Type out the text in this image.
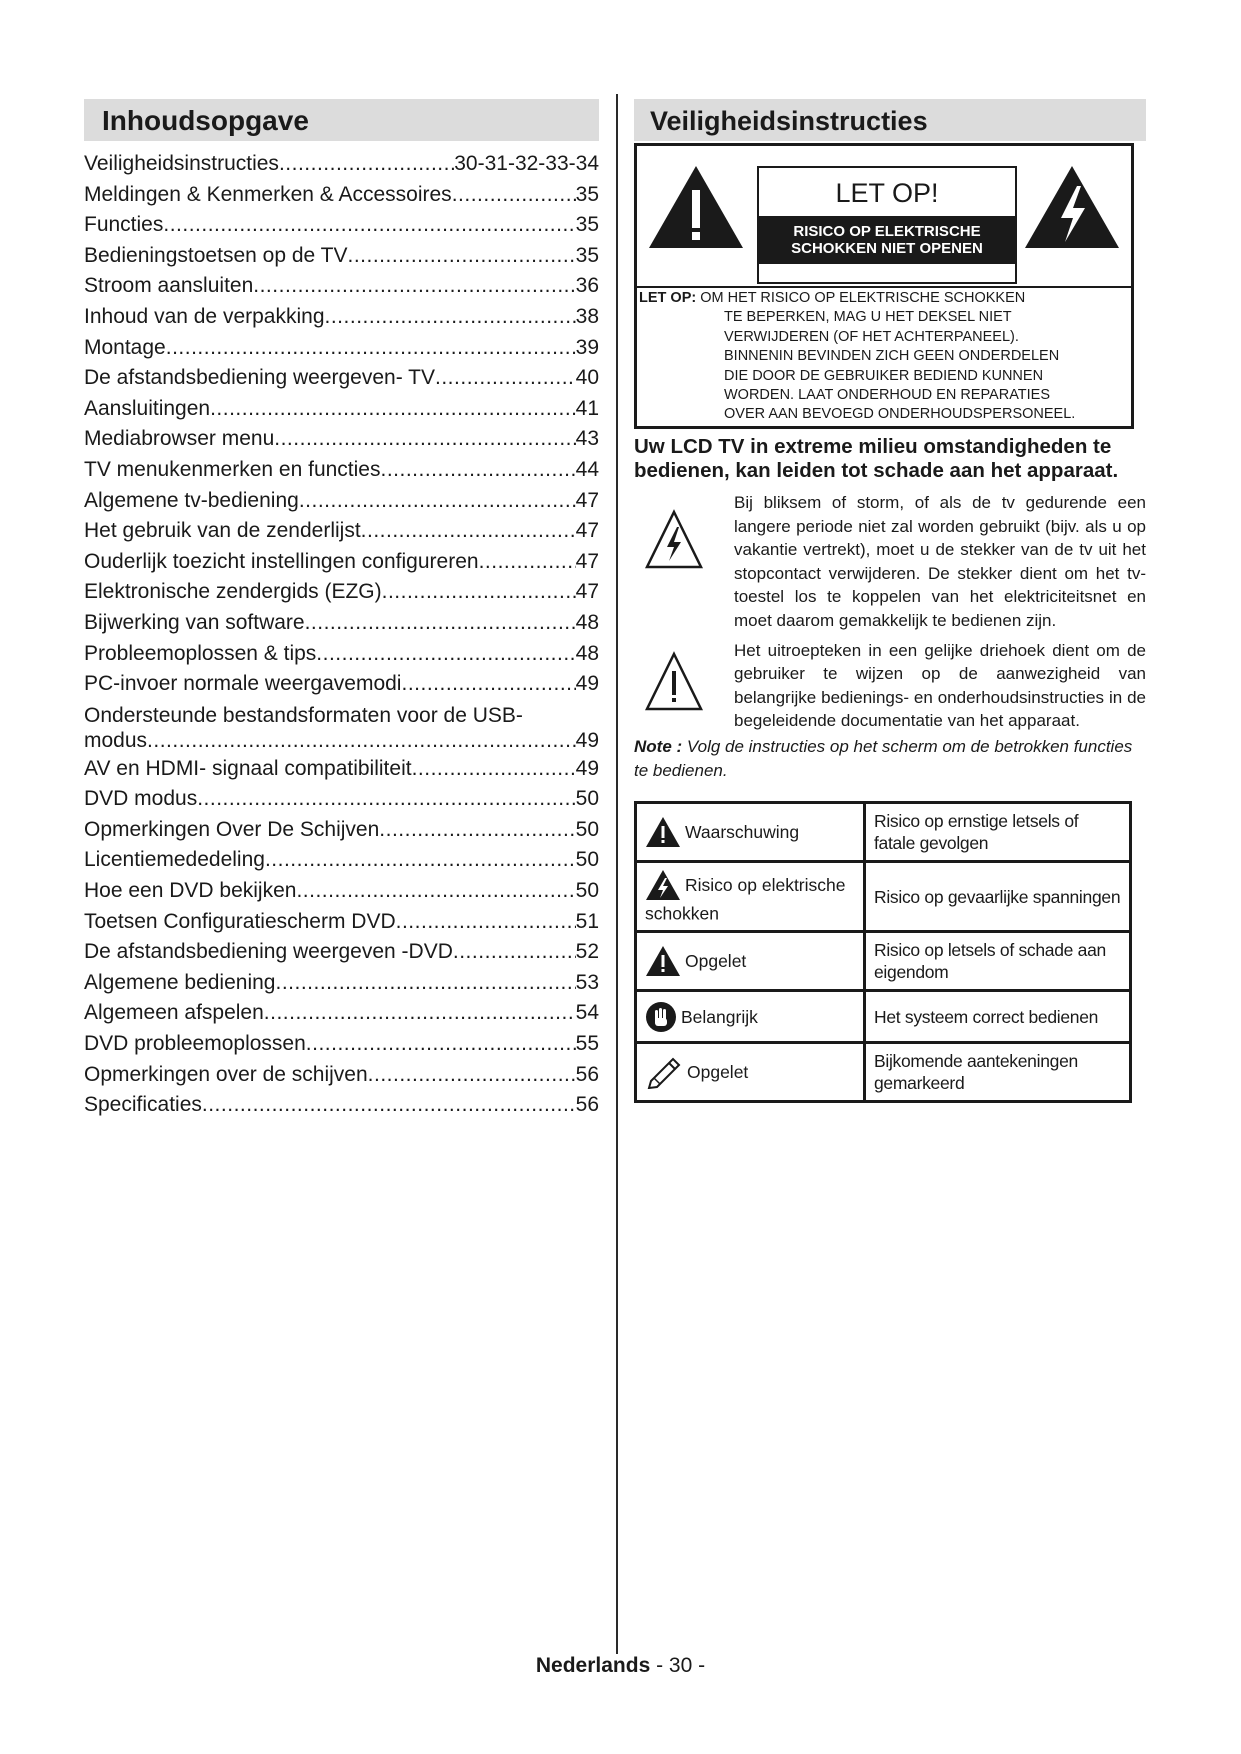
Inhoudsopgave
Veiligheidsinstructies .....	30-31-32-33-34
Meldingen & Kenmerken & Accessoires .....	35
Functies .....	35
Bedieningstoetsen op de TV .....	35
Stroom aansluiten .....	36
Inhoud van de verpakking .....	38
Montage .....	39
De afstandsbediening weergeven- TV .....	40
Aansluitingen .....	41
Mediabrowser menu .....	43
TV menukenmerken en functies .....	44
Algemene tv-bediening .....	47
Het gebruik van de zenderlijst .....	47
Ouderlijk toezicht instellingen configureren .....	47
Elektronische zendergids (EZG) .....	47
Bijwerking van software .....	48
Probleemoplossen & tips .....	48
PC-invoer normale weergavemodi .....	49
Ondersteunde bestandsformaten voor de USB-
modus .....	49
AV en HDMI- signaal compatibiliteit .....	49
DVD modus .....	50
Opmerkingen Over De Schijven .....	50
Licentiemededeling .....	50
Hoe een DVD bekijken .....	50
Toetsen Configuratiescherm DVD .....	51
De afstandsbediening weergeven -DVD .....	52
Algemene bediening .....	53
Algemeen afspelen .....	54
DVD probleemoplossen .....	55
Opmerkingen over de schijven .....	56
Specificaties .....	56
Veiligheidsinstructies
LET OP!
RISICO OP ELEKTRISCHE
SCHOKKEN NIET OPENEN
LET OP: OM HET RISICO OP ELEKTRISCHE SCHOKKEN
TE BEPERKEN, MAG U HET DEKSEL NIET
VERWIJDEREN (OF HET ACHTERPANEEL).
BINNENIN BEVINDEN ZICH GEEN ONDERDELEN
DIE DOOR DE GEBRUIKER BEDIEND KUNNEN
WORDEN. LAAT ONDERHOUD EN REPARATIES
OVER AAN BEVOEGD ONDERHOUDSPERSONEEL.
Uw LCD TV in extreme milieu omstandigheden te bedienen, kan leiden tot schade aan het apparaat.
Bij bliksem of storm, of als de tv gedurende een langere periode niet zal worden gebruikt (bijv. als u op vakantie vertrekt), moet u de stekker van de tv uit het stopcontact verwijderen. De stekker dient om het tv-toestel los te koppelen van het elektriciteitsnet en moet daarom gemakkelijk te bedienen zijn.
Het uitroepteken in een gelijke driehoek dient om de gebruiker te wijzen op de aanwezigheid van belangrijke bedienings- en onderhoudsinstructies in de begeleidende documentatie van het apparaat.
Note : Volg de instructies op het scherm om de betrokken functies te bedienen.
Waarschuwing	Risico op ernstige letsels of fatale gevolgen
Risico op elektrische schokken	Risico op gevaarlijke spanningen
Opgelet	Risico op letsels of schade aan eigendom
Belangrijk	Het systeem correct bedienen
Opgelet	Bijkomende aantekeningen gemarkeerd
Nederlands - 30 -
